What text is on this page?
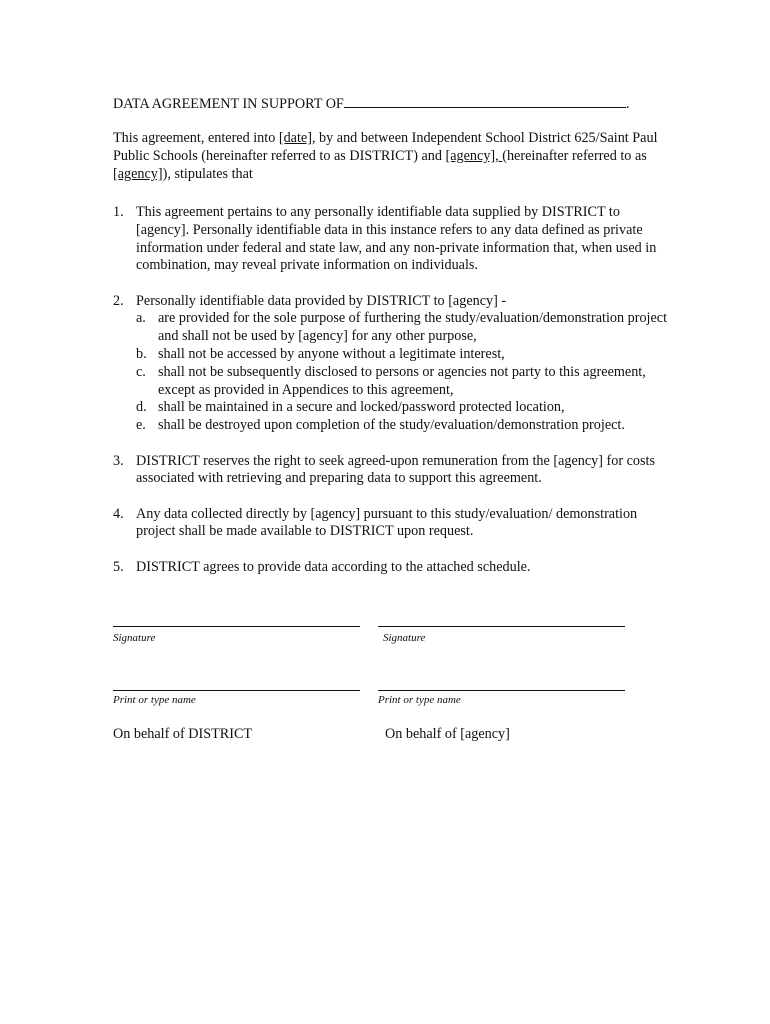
DATA AGREEMENT IN SUPPORT OF	.
This agreement, entered into [date], by and between Independent School District 625/Saint Paul Public Schools (hereinafter referred to as DISTRICT) and [agency], (hereinafter referred to as [agency]), stipulates that
1. This agreement pertains to any personally identifiable data supplied by DISTRICT to [agency]. Personally identifiable data in this instance refers to any data defined as private information under federal and state law, and any non-private information that, when used in combination, may reveal private information on individuals.
2. Personally identifiable data provided by DISTRICT to [agency] -
a. are provided for the sole purpose of furthering the study/evaluation/demonstration project and shall not be used by [agency] for any other purpose,
b. shall not be accessed by anyone without a legitimate interest,
c. shall not be subsequently disclosed to persons or agencies not party to this agreement, except as provided in Appendices to this agreement,
d. shall be maintained in a secure and locked/password protected location,
e. shall be destroyed upon completion of the study/evaluation/demonstration project.
3. DISTRICT reserves the right to seek agreed-upon remuneration from the [agency] for costs associated with retrieving and preparing data to support this agreement.
4. Any data collected directly by [agency] pursuant to this study/evaluation/ demonstration project shall be made available to DISTRICT upon request.
5. DISTRICT agrees to provide data according to the attached schedule.
Signature	Signature
Print or type name	Print or type name
On behalf of DISTRICT	On behalf of [agency]
